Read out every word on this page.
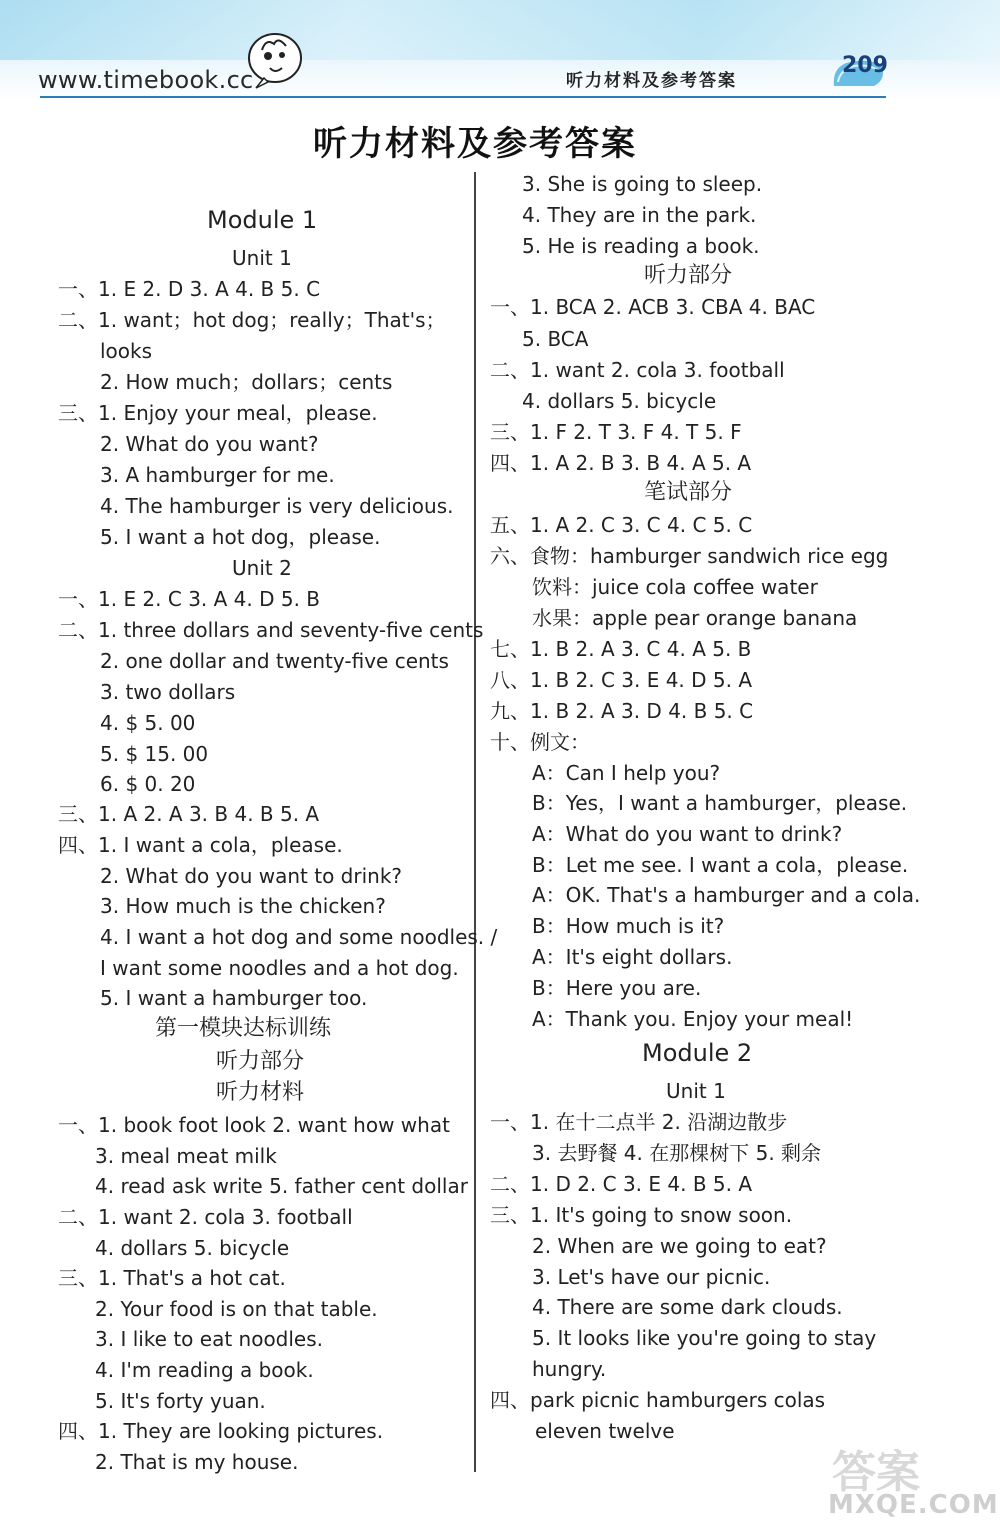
www.timebook.cc	听力材料及参考答案
209
听力材料及参考答案
Module 1
Unit 1
一、1. E 2. D 3. A 4. B 5. C
二、1. want；hot dog；really；That's；
looks
2. How much；dollars；cents
三、1. Enjoy your meal，please.
2. What do you want?
3. A hamburger for me.
4. The hamburger is very delicious.
5. I want a hot dog，please.
Unit 2
一、1. E 2. C 3. A 4. D 5. B
二、1. three dollars and seventy-five cents
2. one dollar and twenty-five cents
3. two dollars
4. $ 5. 00
5. $ 15. 00
6. $ 0. 20
三、1. A 2. A 3. B 4. B 5. A
四、1. I want a cola，please.
2. What do you want to drink?
3. How much is the chicken?
4. I want a hot dog and some noodles. /
I want some noodles and a hot dog.
5. I want a hamburger too.
第一模块达标训练
听力部分
听力材料
一、1. book foot look 2. want how what
3. meal meat milk
4. read ask write 5. father cent dollar
二、1. want 2. cola 3. football
4. dollars 5. bicycle
三、1. That's a hot cat.
2. Your food is on that table.
3. I like to eat noodles.
4. I'm reading a book.
5. It's forty yuan.
四、1. They are looking pictures.
2. That is my house.
3. She is going to sleep.
4. They are in the park.
5. He is reading a book.
听力部分
一、1. BCA 2. ACB 3. CBA 4. BAC
5. BCA
二、1. want 2. cola 3. football
4. dollars 5. bicycle
三、1. F 2. T 3. F 4. T 5. F
四、1. A 2. B 3. B 4. A 5. A
笔试部分
五、1. A 2. C 3. C 4. C 5. C
六、食物：hamburger sandwich rice egg
饮料：juice cola coffee water
水果：apple pear orange banana
七、1. B 2. A 3. C 4. A 5. B
八、1. B 2. C 3. E 4. D 5. A
九、1. B 2. A 3. D 4. B 5. C
十、例文：
A：Can I help you?
B：Yes，I want a hamburger，please.
A：What do you want to drink?
B：Let me see. I want a cola，please.
A：OK. That's a hamburger and a cola.
B：How much is it?
A：It's eight dollars.
B：Here you are.
A：Thank you. Enjoy your meal!
Module 2
Unit 1
一、1. 在十二点半 2. 沿湖边散步
3. 去野餐 4. 在那棵树下 5. 剩余
二、1. D 2. C 3. E 4. B 5. A
三、1. It's going to snow soon.
2. When are we going to eat?
3. Let's have our picnic.
4. There are some dark clouds.
5. It looks like you're going to stay
hungry.
四、park picnic hamburgers colas
eleven twelve
答案
MXQE.COM
